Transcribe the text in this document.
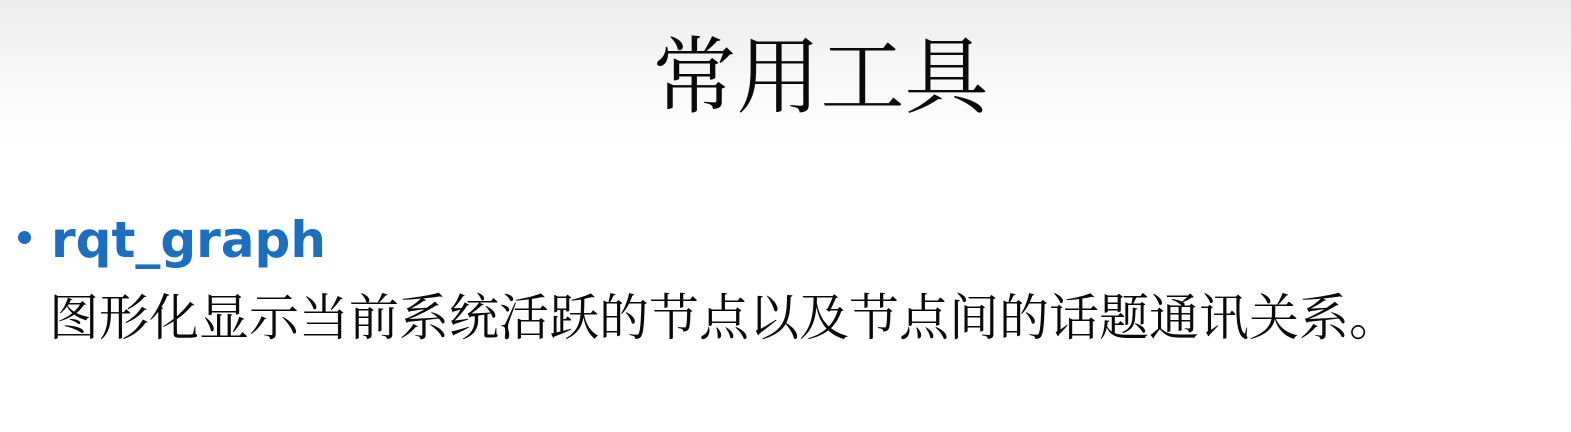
常用工具
rqt_graph
图形化显示当前系统活跃的节点以及节点间的话题通讯关系。
